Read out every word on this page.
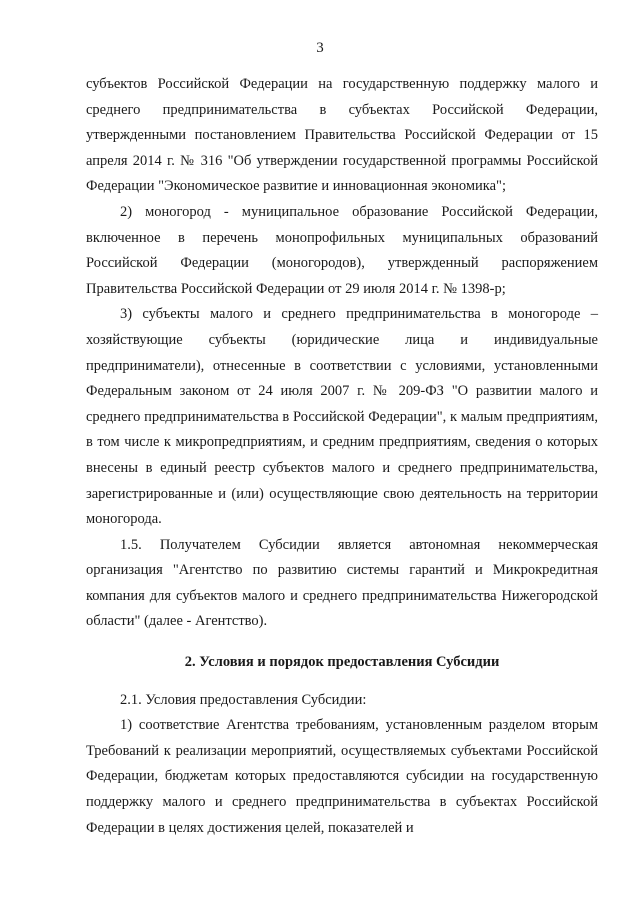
3

субъектов Российской Федерации на государственную поддержку малого и среднего предпринимательства в субъектах Российской Федерации, утвержденными постановлением Правительства Российской Федерации от 15 апреля 2014 г. № 316 "Об утверждении государственной программы Российской Федерации "Экономическое развитие и инновационная экономика";

2) моногород - муниципальное образование Российской Федерации, включенное в перечень монопрофильных муниципальных образований Российской Федерации (моногородов), утвержденный распоряжением Правительства Российской Федерации от 29 июля 2014 г. № 1398-р;

3) субъекты малого и среднего предпринимательства в моногороде – хозяйствующие субъекты (юридические лица и индивидуальные предприниматели), отнесенные в соответствии с условиями, установленными Федеральным законом от 24 июля 2007 г. № 209-ФЗ "О развитии малого и среднего предпринимательства в Российской Федерации", к малым предприятиям, в том числе к микропредприятиям, и средним предприятиям, сведения о которых внесены в единый реестр субъектов малого и среднего предпринимательства, зарегистрированные и (или) осуществляющие свою деятельность на территории моногорода.

1.5. Получателем Субсидии является автономная некоммерческая организация "Агентство по развитию системы гарантий и Микрокредитная компания для субъектов малого и среднего предпринимательства Нижегородской области" (далее - Агентство).

2. Условия и порядок предоставления Субсидии

2.1. Условия предоставления Субсидии:

1) соответствие Агентства требованиям, установленным разделом вторым Требований к реализации мероприятий, осуществляемых субъектами Российской Федерации, бюджетам которых предоставляются субсидии на государственную поддержку малого и среднего предпринимательства в субъектах Российской Федерации в целях достижения целей, показателей и
